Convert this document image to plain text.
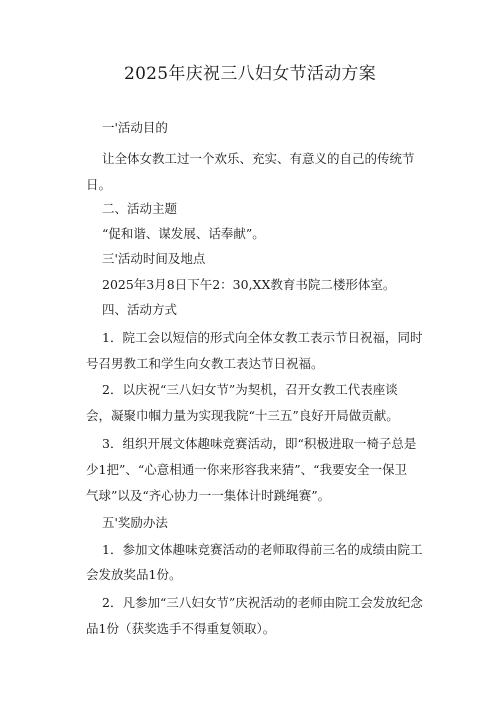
2025年庆祝三八妇女节活动方案
一'活动目的
让全体女教工过一个欢乐、充实、有意义的自己的传统节
日。
二、活动主题
“促和谐、谋发展、话奉献”。
三'活动时间及地点
2025年3月8日下午2：30,XX教育书院二楼形体室。
四、活动方式
1．院工会以短信的形式向全体女教工表示节日祝福，同时
号召男教工和学生向女教工表达节日祝福。
2．以庆祝“三八妇女节”为契机，召开女教工代表座谈
会，凝聚巾帼力量为实现我院“十三五”良好开局做贡献。
3．组织开展文体趣味竞赛活动，即“积极进取一椅子总是
少1把”、“心意相通一你来形容我来猜”、“我要安全一保卫
气球”以及“齐心协力一一集体计时跳绳赛”。
五'奖励办法
1．参加文体趣味竞赛活动的老师取得前三名的成绩由院工
会发放奖品1份。
2．凡参加“三八妇女节”庆祝活动的老师由院工会发放纪念
品1份（获奖选手不得重复领取）。
